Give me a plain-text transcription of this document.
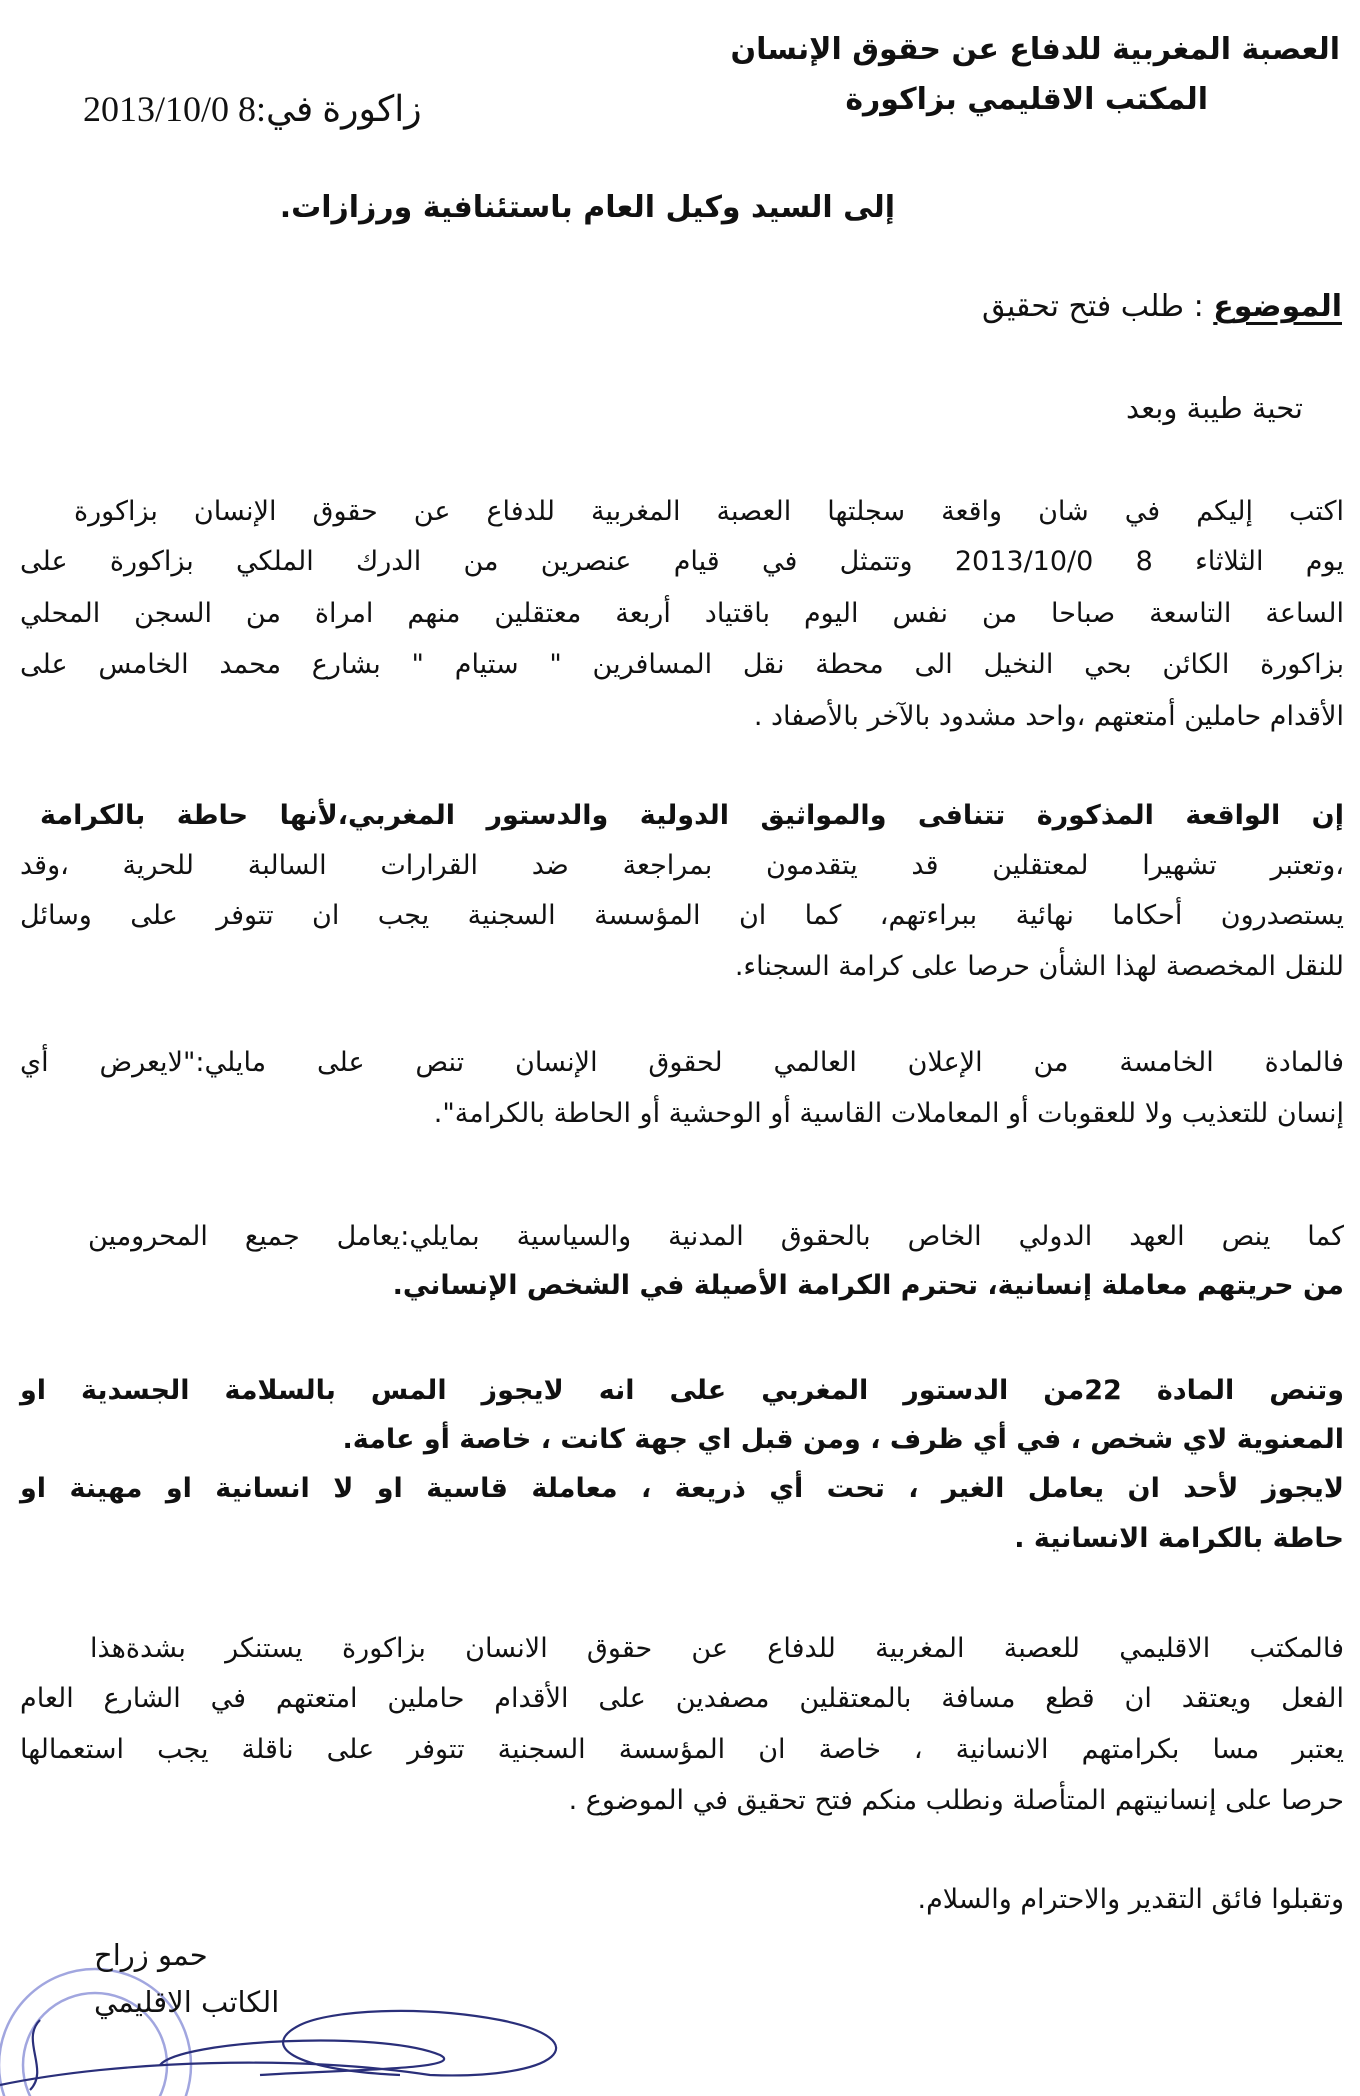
العصبة المغربية للدفاع عن حقوق الإنسان
المكتب الاقليمي بزاكورة
زاكورة في:8 2013/10/0
إلى السيد وكيل العام باستئنافية ورزازات.
الموضوع : طلب فتح تحقيق
تحية طيبة وبعد
اكتب إليكم في شان واقعة سجلتها العصبة المغربية للدفاع عن حقوق الإنسان بزاكورة
يوم الثلاثاء 8 2013/10/0 وتتمثل في قيام عنصرين من الدرك الملكي بزاكورة على
الساعة التاسعة صباحا من نفس اليوم باقتياد أربعة معتقلين منهم امراة من السجن المحلي
بزاكورة الكائن بحي النخيل الى محطة نقل المسافرين " ستيام " بشارع محمد الخامس على
الأقدام حاملين أمتعتهم ،واحد مشدود بالآخر بالأصفاد .
إن الواقعة المذكورة تتنافى والمواثيق الدولية والدستور المغربي،لأنها حاطة بالكرامة
،وتعتبر تشهيرا لمعتقلين قد يتقدمون بمراجعة ضد القرارات السالبة للحرية ،وقد
يستصدرون أحكاما نهائية ببراءتهم، كما ان المؤسسة السجنية يجب ان تتوفر على وسائل
للنقل المخصصة لهذا الشأن حرصا على كرامة السجناء.
فالمادة الخامسة من الإعلان العالمي لحقوق الإنسان تنص على مايلي:"لايعرض أي
إنسان للتعذيب ولا للعقوبات أو المعاملات القاسية أو الوحشية أو الحاطة بالكرامة".
كما ينص العهد الدولي الخاص بالحقوق المدنية والسياسية بمايلي:يعامل جميع المحرومين
من حريتهم معاملة إنسانية، تحترم الكرامة الأصيلة في الشخص الإنساني.
وتنص المادة 22من الدستور المغربي على انه لايجوز المس بالسلامة الجسدية او
المعنوية لاي شخص ، في أي ظرف ، ومن قبل اي جهة كانت ، خاصة أو عامة.
لايجوز لأحد ان يعامل الغير ، تحت أي ذريعة ، معاملة قاسية او لا انسانية او مهينة او
حاطة بالكرامة الانسانية .
فالمكتب الاقليمي للعصبة المغربية للدفاع عن حقوق الانسان بزاكورة يستنكر بشدةهذا
الفعل ويعتقد ان قطع مسافة بالمعتقلين مصفدين على الأقدام حاملين امتعتهم في الشارع العام
يعتبر مسا بكرامتهم الانسانية ، خاصة ان المؤسسة السجنية تتوفر على ناقلة يجب استعمالها
حرصا على إنسانيتهم المتأصلة ونطلب منكم فتح تحقيق في الموضوع .
وتقبلوا فائق التقدير والاحترام والسلام.
حمو زراح
الكاتب الاقليمي
